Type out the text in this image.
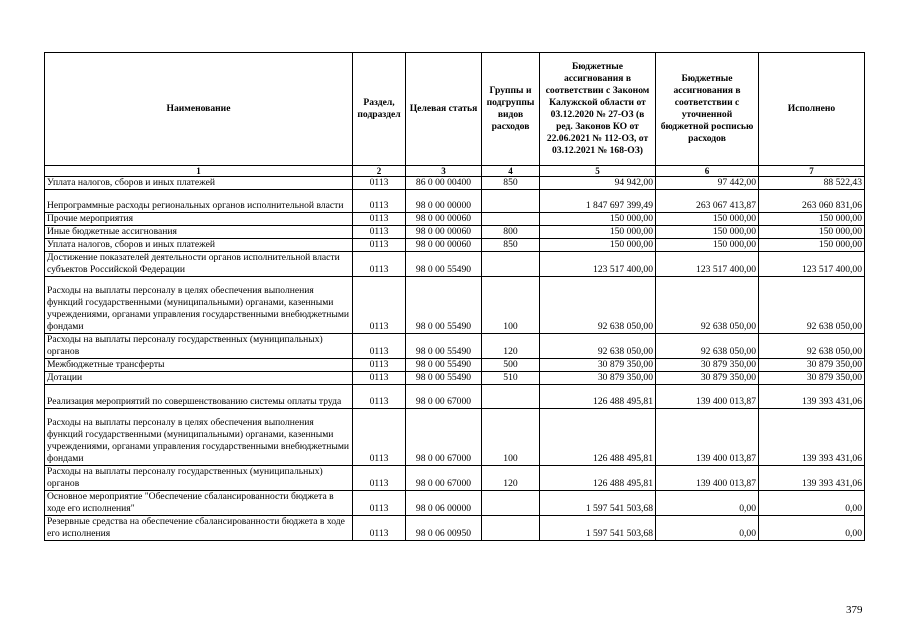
Наименование	Раздел, подраздел	Целевая статья	Группы и подгруппы видов расходов	Бюджетные ассигнования в соответствии с Законом Калужской области от 03.12.2020 № 27-ОЗ (в ред. Законов КО от 22.06.2021 № 112-ОЗ, от 03.12.2021 № 168-ОЗ)	Бюджетные ассигнования в соответствии с уточненной бюджетной росписью расходов	Исполнено
1	2	3	4	5	6	7
Уплата налогов, сборов и иных платежей	0113	86 0 00 00400	850	94 942,00	97 442,00	88 522,43
Непрограммные расходы региональных органов исполнительной власти	0113	98 0 00 00000		1 847 697 399,49	263 067 413,87	263 060 831,06
Прочие мероприятия	0113	98 0 00 00060		150 000,00	150 000,00	150 000,00
Иные бюджетные ассигнования	0113	98 0 00 00060	800	150 000,00	150 000,00	150 000,00
Уплата налогов, сборов и иных платежей	0113	98 0 00 00060	850	150 000,00	150 000,00	150 000,00
Достижение показателей деятельности органов исполнительной власти субъектов Российской Федерации	0113	98 0 00 55490		123 517 400,00	123 517 400,00	123 517 400,00
Расходы на выплаты персоналу в целях обеспечения выполнения функций государственными (муниципальными) органами, казенными учреждениями, органами управления государственными внебюджетными фондами	0113	98 0 00 55490	100	92 638 050,00	92 638 050,00	92 638 050,00
Расходы на выплаты персоналу государственных (муниципальных) органов	0113	98 0 00 55490	120	92 638 050,00	92 638 050,00	92 638 050,00
Межбюджетные трансферты	0113	98 0 00 55490	500	30 879 350,00	30 879 350,00	30 879 350,00
Дотации	0113	98 0 00 55490	510	30 879 350,00	30 879 350,00	30 879 350,00
Реализация мероприятий по совершенствованию системы оплаты труда	0113	98 0 00 67000		126 488 495,81	139 400 013,87	139 393 431,06
Расходы на выплаты персоналу в целях обеспечения выполнения функций государственными (муниципальными) органами, казенными учреждениями, органами управления государственными внебюджетными фондами	0113	98 0 00 67000	100	126 488 495,81	139 400 013,87	139 393 431,06
Расходы на выплаты персоналу государственных (муниципальных) органов	0113	98 0 00 67000	120	126 488 495,81	139 400 013,87	139 393 431,06
Основное мероприятие "Обеспечение сбалансированности бюджета в ходе его исполнения"	0113	98 0 06 00000		1 597 541 503,68	0,00	0,00
Резервные средства на обеспечение сбалансированности бюджета в ходе его исполнения	0113	98 0 06 00950		1 597 541 503,68	0,00	0,00
379
